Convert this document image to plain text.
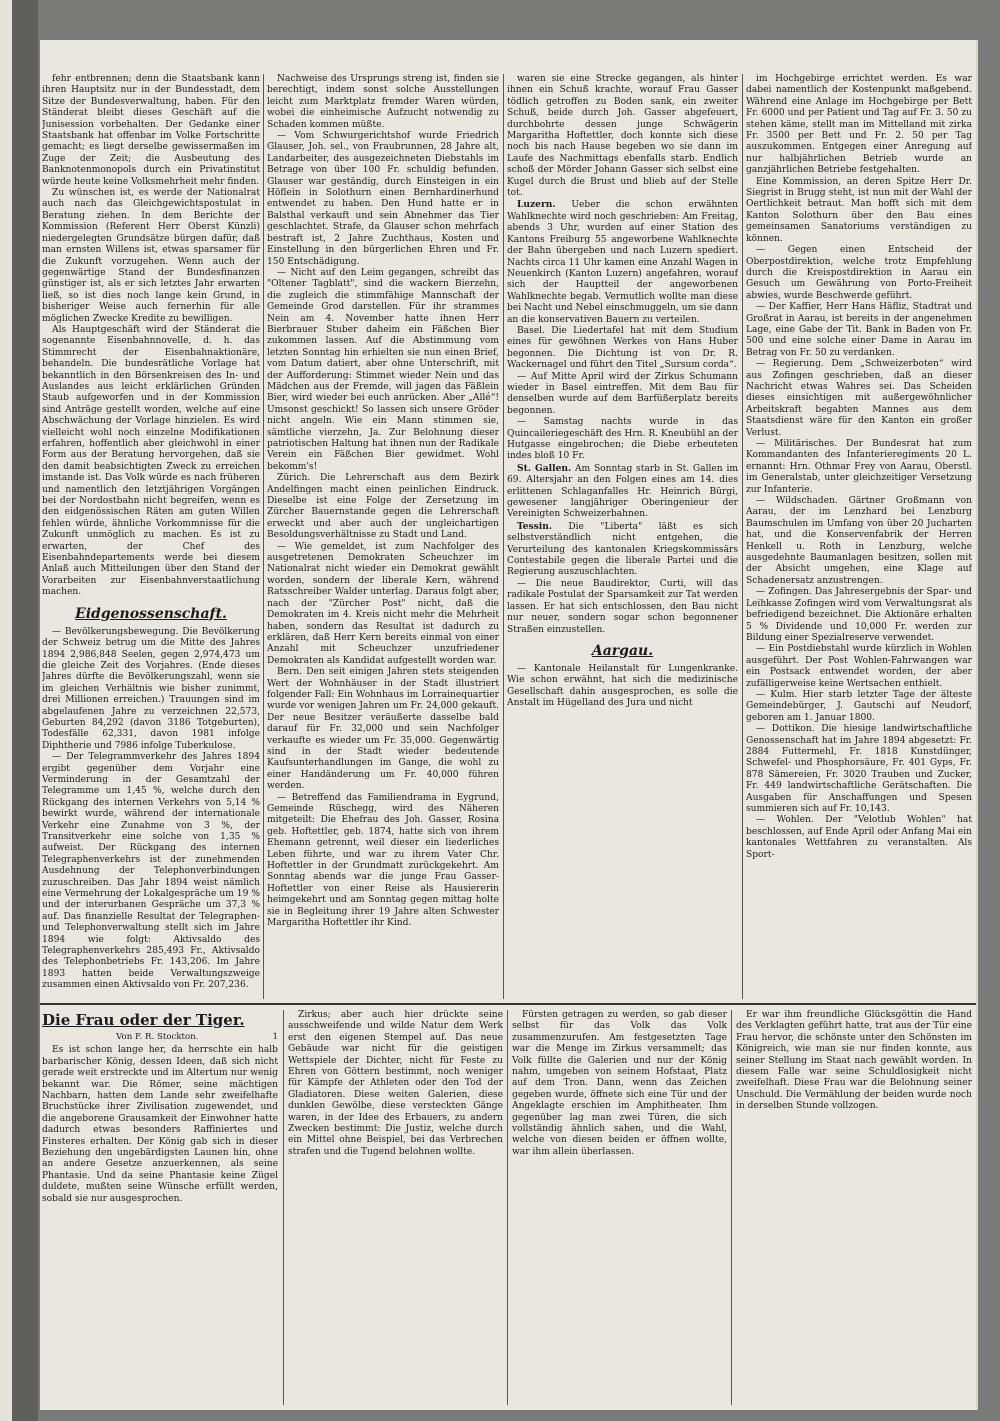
fehr entbrennen; denn die Staatsbank kann ihren Hauptsitz nur in der Bundesstadt, dem Sitze der Bundesverwaltung, haben. Für den Ständerat bleibt dieses Geschäft auf die Junisession vorbehalten. Der Gedanke einer Staatsbank hat offenbar im Volke Fortschritte gemacht; es liegt derselbe gewissermaßen im Zuge der Zeit; die Ausbeutung des Banknotenmonopols durch ein Privatinstitut würde heute keine Volksmehrheit mehr finden.

Zu wünschen ist, es werde der Nationalrat auch nach das Gleichgewichtspostulat in Beratung ziehen. In dem Berichte der Kommission (Referent Herr Oberst Künzli) niedergelegten Grundsätze bürgen dafür, daß man ernsten Willens ist, etwas sparsamer für die Zukunft vorzugehen. Wenn auch der gegenwärtige Stand der Bundesfinanzen günstiger ist, als er sich letztes Jahr erwarten ließ, so ist dies noch lange kein Grund, in bisheriger Weise auch fernerhin für alle möglichen Zwecke Kredite zu bewilligen.

Als Hauptgeschäft wird der Ständerat die sogenannte Eisenbahnnovelle, d. h. das Stimmrecht der Eisenbahnaktionäre, behandeln. Die bundesrätliche Vorlage hat bekanntlich in den Börsenkreisen des In- und Auslandes aus leicht erklärlichen Gründen Staub aufgeworfen und in der Kommission sind Anträge gestellt worden, welche auf eine Abschwächung der Vorlage hinzielen. Es wird vielleicht wohl noch einzelne Modifikationen erfahren, hoffentlich aber gleichwohl in einer Form aus der Beratung hervorgehen, daß sie den damit beabsichtigten Zweck zu erreichen imstande ist. Das Volk würde es nach früheren und namentlich den letztjährigen Vorgängen bei der Nordostbahn nicht begreifen, wenn es den eidgenössischen Räten am guten Willen fehlen würde, ähnliche Vorkommnisse für die Zukunft unmöglich zu machen. Es ist zu erwarten, der Chef des Eisenbahndepartements werde bei diesem Anlaß auch Mitteilungen über den Stand der Vorarbeiten zur Eisenbahnverstaatlichung machen.

Eidgenossenschaft.

— Bevölkerungsbewegung. Die Bevölkerung der Schweiz betrug um die Mitte des Jahres 1894 2,986,848 Seelen, gegen 2,974,473 um die gleiche Zeit des Vorjahres. (Ende dieses Jahres dürfte die Bevölkerungszahl, wenn sie im gleichen Verhältnis wie bisher zunimmt, drei Millionen erreichen.) Trauungen sind im abgelaufenen Jahre zu verzeichnen 22,573, Geburten 84,292 (davon 3186 Totgeburten), Todesfälle 62,331, davon 1981 infolge Diphtherie und 7986 infolge Tuberkulose.

— Der Telegrammverkehr des Jahres 1894 ergibt gegenüber dem Vorjahr eine Verminderung in der Gesamtzahl der Telegramme um 1,45 %, welche durch den Rückgang des internen Verkehrs von 5,14 % bewirkt wurde, während der internationale Verkehr eine Zunahme von 3 %, der Transitverkehr eine solche von 1,35 % aufweist. Der Rückgang des internen Telegraphenverkehrs ist der zunehmenden Ausdehnung der Telephonverbindungen zuzuschreiben. Das Jahr 1894 weist nämlich eine Vermehrung der Lokalgespräche um 19 % und der interurbanen Gespräche um 37,3 % auf. Das finanzielle Resultat der Telegraphen- und Telephonverwaltung stellt sich im Jahre 1894 wie folgt: Aktivsaldo des Telegraphenverkehrs 285,493 Fr., Aktivsaldo des Telephonbetriebs Fr. 143,206. Im Jahre 1893 hatten beide Verwaltungszweige zusammen einen Aktivsaldo von Fr. 207,236.

Nachweise des Ursprungs streng ist, finden sie berechtigt, indem sonst solche Ausstellungen leicht zum Marktplatz fremder Waren würden, wobei die einheimische Aufzucht notwendig zu Schaden kommen müßte.

— Vom Schwurgerichtshof wurde Friedrich Glauser, Joh. sel., von Fraubrunnen, 28 Jahre alt, Landarbeiter, des ausgezeichneten Diebstahls im Betrage von über 100 Fr. schuldig befunden. Glauser war geständig, durch Einsteigen in ein Höflein in Solothurn einen Bernhardinerhund entwendet zu haben. Den Hund hatte er in Balsthal verkauft und sein Abnehmer das Tier geschlachtet. Strafe, da Glauser schon mehrfach bestraft ist, 2 Jahre Zuchthaus, Kosten und Einstellung in den bürgerlichen Ehren und Fr. 150 Entschädigung.

— Nicht auf den Leim gegangen, schreibt das "Oltener Tagblatt", sind die wackern Bierzehn, die zugleich die stimmfähige Mannschaft der Gemeinde Grod darstellen. Für ihr strammes Nein am 4. November hatte ihnen Herr Bierbrauer Stuber daheim ein Fäßchen Bier zukommen lassen. Auf die Abstimmung vom letzten Sonntag hin erhielten sie nun einen Brief, vom Datum datiert, aber ohne Unterschrift, mit der Aufforderung: Stimmet wieder Nein und das Mädchen aus der Fremde, will jagen das Fäßlein Bier, wird wieder bei euch anrücken. Aber „Allé“! Umsonst geschickt! So lassen sich unsere Gröder nicht angeln. Wie ein Mann stimmen sie, sämtliche vierzehn, Ja. Zur Belohnung dieser patriotischen Haltung hat ihnen nun der Radikale Verein ein Fäßchen Bier gewidmet. Wohl bekomm's!

Zürich. Die Lehrerschaft aus dem Bezirk Andelfingen macht einen peinlichen Eindruck. Dieselbe ist eine Folge der Zersetzung im Zürcher Bauernstande gegen die Lehrerschaft erweckt und aber auch der ungleichartigen Besoldungsverhältnisse zu Stadt und Land.

— Wie gemeldet, ist zum Nachfolger des ausgetretenen Demokraten Scheuchzer im Nationalrat nicht wieder ein Demokrat gewählt worden, sondern der liberale Kern, während Ratsschreiber Walder unterlag. Daraus folgt aber, nach der "Zürcher Post" nicht, daß die Demokraten im 4. Kreis nicht mehr die Mehrheit haben, sondern das Resultat ist dadurch zu erklären, daß Herr Kern bereits einmal von einer Anzahl mit Scheuchzer unzufriedener Demokraten als Kandidat aufgestellt worden war.

Bern. Den seit einigen Jahren stets steigenden Wert der Wohnhäuser in der Stadt illustriert folgender Fall: Ein Wohnhaus im Lorrainequartier wurde vor wenigen Jahren um Fr. 24,000 gekauft. Der neue Besitzer veräußerte dasselbe bald darauf für Fr. 32,000 und sein Nachfolger verkaufte es wieder um Fr. 35,000. Gegenwärtig sind in der Stadt wieder bedeutende Kaufsunterhandlungen im Gange, die wohl zu einer Handänderung um Fr. 40,000 führen werden.

— Betreffend das Familiendrama in Eygrund, Gemeinde Rüschegg, wird des Näheren mitgeteilt: Die Ehefrau des Joh. Gasser, Rosina geb. Hoftettler, geb. 1874, hatte sich von ihrem Ehemann getrennt, weil dieser ein liederliches Leben führte, und war zu ihrem Vater Chr. Hoftettler in der Grundmatt zurückgekehrt. Am Sonntag abends war die junge Frau Gasser-Hoftettler von einer Reise als Hausiererin heimgekehrt und am Sonntag gegen mittag holte sie in Begleitung ihrer 19 Jahre alten Schwester Margaritha Hoftettler ihr Kind.

waren sie eine Strecke gegangen, als hinter ihnen ein Schuß krachte, worauf Frau Gasser tödlich getroffen zu Boden sank, ein zweiter Schuß, beide durch Joh. Gasser abgefeuert, durchbohrte dessen junge Schwägerin Margaritha Hoftettler, doch konnte sich diese noch bis nach Hause begeben wo sie dann im Laufe des Nachmittags ebenfalls starb. Endlich schoß der Mörder Johann Gasser sich selbst eine Kugel durch die Brust und blieb auf der Stelle tot.

Luzern. Ueber die schon erwähnten Wahlknechte wird noch geschrieben: Am Freitag, abends 3 Uhr, wurden auf einer Station des Kantons Freiburg 55 angeworbene Wahlknechte der Bahn übergeben und nach Luzern spediert. Nachts circa 11 Uhr kamen eine Anzahl Wagen in Neuenkirch (Kanton Luzern) angefahren, worauf sich der Hauptteil der angeworbenen Wahlknechte begab. Vermutlich wollte man diese bei Nacht und Nebel einschmuggeln, um sie dann an die konservativen Bauern zu verteilen.

Basel. Die Liedertafel hat mit dem Studium eines für gewöhnen Werkes von Hans Huber begonnen. Die Dichtung ist von Dr. R. Wackernagel und führt den Titel „Sursum corda“.

— Auf Mitte April wird der Zirkus Schumann wieder in Basel eintreffen. Mit dem Bau für denselben wurde auf dem Barfüßerplatz bereits begonnen.

— Samstag nachts wurde in das Quincaileriegeschäft des Hrn. R. Kneubühl an der Hutgasse eingebrochen; die Diebe erbeuteten indes bloß 10 Fr.

St. Gallen. Am Sonntag starb in St. Gallen im 69. Altersjahr an den Folgen eines am 14. dies erlittenen Schlaganfalles Hr. Heinrich Bürgi, gewesener langjähriger Oberingenieur der Vereinigten Schweizerbahnen.

Tessin. Die "Liberta" läßt es sich selbstverständlich nicht entgehen, die Verurteilung des kantonalen Kriegskommissärs Contestabile gegen die liberale Partei und die Regierung auszuschlachten.

— Die neue Baudirektor, Curti, will das radikale Postulat der Sparsamkeit zur Tat werden lassen. Er hat sich entschlossen, den Bau nicht nur neuer, sondern sogar schon begonnener Straßen einzustellen.

Aargau.

— Kantonale Heilanstalt für Lungenkranke. Wie schon erwähnt, hat sich die medizinische Gesellschaft dahin ausgesprochen, es solle die Anstalt im Hügelland des Jura und nicht

im Hochgebirge errichtet werden. Es war dabei namentlich der Kostenpunkt maßgebend. Während eine Anlage im Hochgebirge per Bett Fr. 6000 und per Patient und Tag auf Fr. 3. 50 zu stehen käme, stellt man im Mittelland mit zirka Fr. 3500 per Bett und Fr. 2. 50 per Tag auszukommen. Entgegen einer Anregung auf nur halbjährlichen Betrieb wurde an ganzjährlichen Betriebe festgehalten.

Eine Kommission, an deren Spitze Herr Dr. Siegrist in Brugg steht, ist nun mit der Wahl der Oertlichkeit betraut. Man hofft sich mit dem Kanton Solothurn über den Bau eines gemeinsamen Sanatoriums verständigen zu können.

— Gegen einen Entscheid der Oberpostdirektion, welche trotz Empfehlung durch die Kreispostdirektion in Aarau ein Gesuch um Gewährung von Porto-Freiheit abwies, wurde Beschwerde geführt.

— Der Kaffier, Herr Hans Häfliz, Stadtrat und Großrat in Aarau, ist bereits in der angenehmen Lage, eine Gabe der Tit. Bank in Baden von Fr. 500 und eine solche einer Dame in Aarau im Betrag von Fr. 50 zu verdanken.

— Regierung. Dem „Schweizerboten“ wird aus Zofingen geschrieben, daß an dieser Nachricht etwas Wahres sei. Das Scheiden dieses einsichtigen mit außergewöhnlicher Arbeitskraft begabten Mannes aus dem Staatsdienst wäre für den Kanton ein großer Verlust.

— Militärisches. Der Bundesrat hat zum Kommandanten des Infanterieregiments 20 L. ernannt: Hrn. Othmar Frey von Aarau, Oberstl. im Generalstab, unter gleichzeitiger Versetzung zur Infanterie.

— Wildschaden. Gärtner Großmann von Aarau, der im Lenzhard bei Lenzburg Baumschulen im Umfang von über 20 Jucharten hat, und die Konservenfabrik der Herren Henkell u. Roth in Lenzburg, welche ausgedehnte Baumanlagen besitzen, sollen mit der Absicht umgehen, eine Klage auf Schadenersatz anzustrengen.

— Zofingen. Das Jahresergebnis der Spar- und Leihkasse Zofingen wird vom Verwaltungsrat als befriedigend bezeichnet. Die Aktionäre erhalten 5 % Dividende und 10,000 Fr. werden zur Bildung einer Spezialreserve verwendet.

— Ein Postdiebstahl wurde kürzlich in Wohlen ausgeführt. Der Post Wohlen-Fahrwangen war ein Postsack entwendet worden, der aber zufälligerweise keine Wertsachen enthielt.

— Kulm. Hier starb letzter Tage der älteste Gemeindebürger, J. Gautschi auf Neudorf, geboren am 1. Januar 1800.

— Dottikon. Die hiesige landwirtschaftliche Genossenschaft hat im Jahre 1894 abgesetzt: Fr. 2884 Futtermehl, Fr. 1818 Kunstdünger, Schwefel- und Phosphorsäure, Fr. 401 Gyps, Fr. 878 Sämereien, Fr. 3020 Trauben und Zucker, Fr. 449 landwirtschaftliche Gerätschaften. Die Ausgaben für Anschaffungen und Spesen summieren sich auf Fr. 10,143.

— Wohlen. Der "Velotlub Wohlen" hat beschlossen, auf Ende April oder Anfang Mai ein kantonales Wettfahren zu veranstalten. Als Sport-

Die Frau oder der Tiger.
Von F. R. Stockton.	1

Es ist schon lange her, da herrschte ein halb barbarischer König, dessen Ideen, daß sich nicht gerade weit erstreckte und im Altertum nur wenig bekannt war. Die Römer, seine mächtigen Nachbarn, hatten dem Lande sehr zweifelhafte Bruchstücke ihrer Zivilisation zugewendet, und die angeborene Grausamkeit der Einwohner hatte dadurch etwas besonders Raffiniertes und Finsteres erhalten. Der König gab sich in dieser Beziehung den ungebärdigsten Launen hin, ohne an andere Gesetze anzuerkennen, als seine Phantasie. Und da seine Phantasie keine Zügel duldete, mußten seine Wünsche erfüllt werden, sobald sie nur ausgesprochen.

Zirkus; aber auch hier drückte seine ausschweifende und wilde Natur dem Werk erst den eigenen Stempel auf. Das neue Gebäude war nicht für die geistigen Wettspiele der Dichter, nicht für Feste zu Ehren von Göttern bestimmt, noch weniger für Kämpfe der Athleten oder den Tod der Gladiatoren. Diese weiten Galerien, diese dunklen Gewölbe, diese versteckten Gänge waren, in der Idee des Erbauers, zu andern Zwecken bestimmt: Die Justiz, welche durch ein Mittel ohne Beispiel, bei das Verbrechen strafen und die Tugend belohnen wollte.

Fürsten getragen zu werden, so gab dieser selbst für das Volk das Volk zusammenzurufen. Am festgesetzten Tage war die Menge im Zirkus versammelt; das Volk füllte die Galerien und nur der König nahm, umgeben von seinem Hofstaat, Platz auf dem Tron. Dann, wenn das Zeichen gegeben wurde, öffnete sich eine Tür und der Angeklagte erschien im Amphitheater. Ihm gegenüber lag man zwei Türen, die sich vollständig ähnlich sahen, und die Wahl, welche von diesen beiden er öffnen wollte, war ihm allein überlassen.

Er war ihm freundliche Glücksgöttin die Hand des Verklagten geführt hatte, trat aus der Tür eine Frau hervor, die schönste unter den Schönsten im Königreich, wie man sie nur finden konnte, aus seiner Stellung im Staat nach gewählt worden. In diesem Falle war seine Schuldlosigkeit nicht zweifelhaft. Diese Frau war die Belohnung seiner Unschuld. Die Vermählung der beiden wurde noch in derselben Stunde vollzogen.
